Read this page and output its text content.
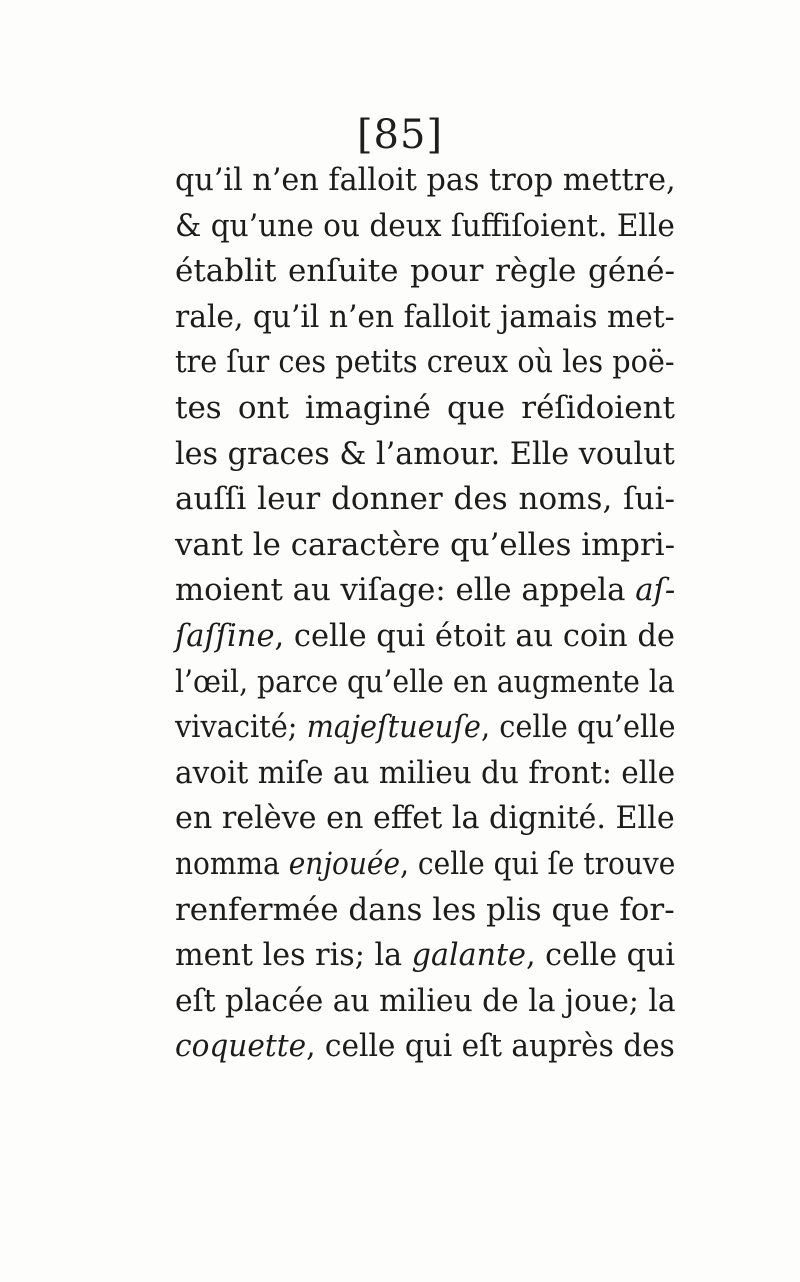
[85]
qu’il n’en falloit pas trop mettre,
& qu’une ou deux ſuffiſoient. Elle
établit enſuite pour règle géné-
rale, qu’il n’en falloit jamais met-
tre ſur ces petits creux où les poë-
tes ont imaginé que réſidoient
les graces & l’amour. Elle voulut
auſſi leur donner des noms, ſui-
vant le caractère qu’elles impri-
moient au viſage: elle appela aſ-
ſaſſine, celle qui étoit au coin de
l’œil, parce qu’elle en augmente la
vivacité; majeſtueuſe, celle qu’elle
avoit miſe au milieu du front: elle
en relève en effet la dignité. Elle
nomma enjouée, celle qui ſe trouve
renfermée dans les plis que for-
ment les ris; la galante, celle qui
eſt placée au milieu de la joue; la
coquette, celle qui eſt auprès des
